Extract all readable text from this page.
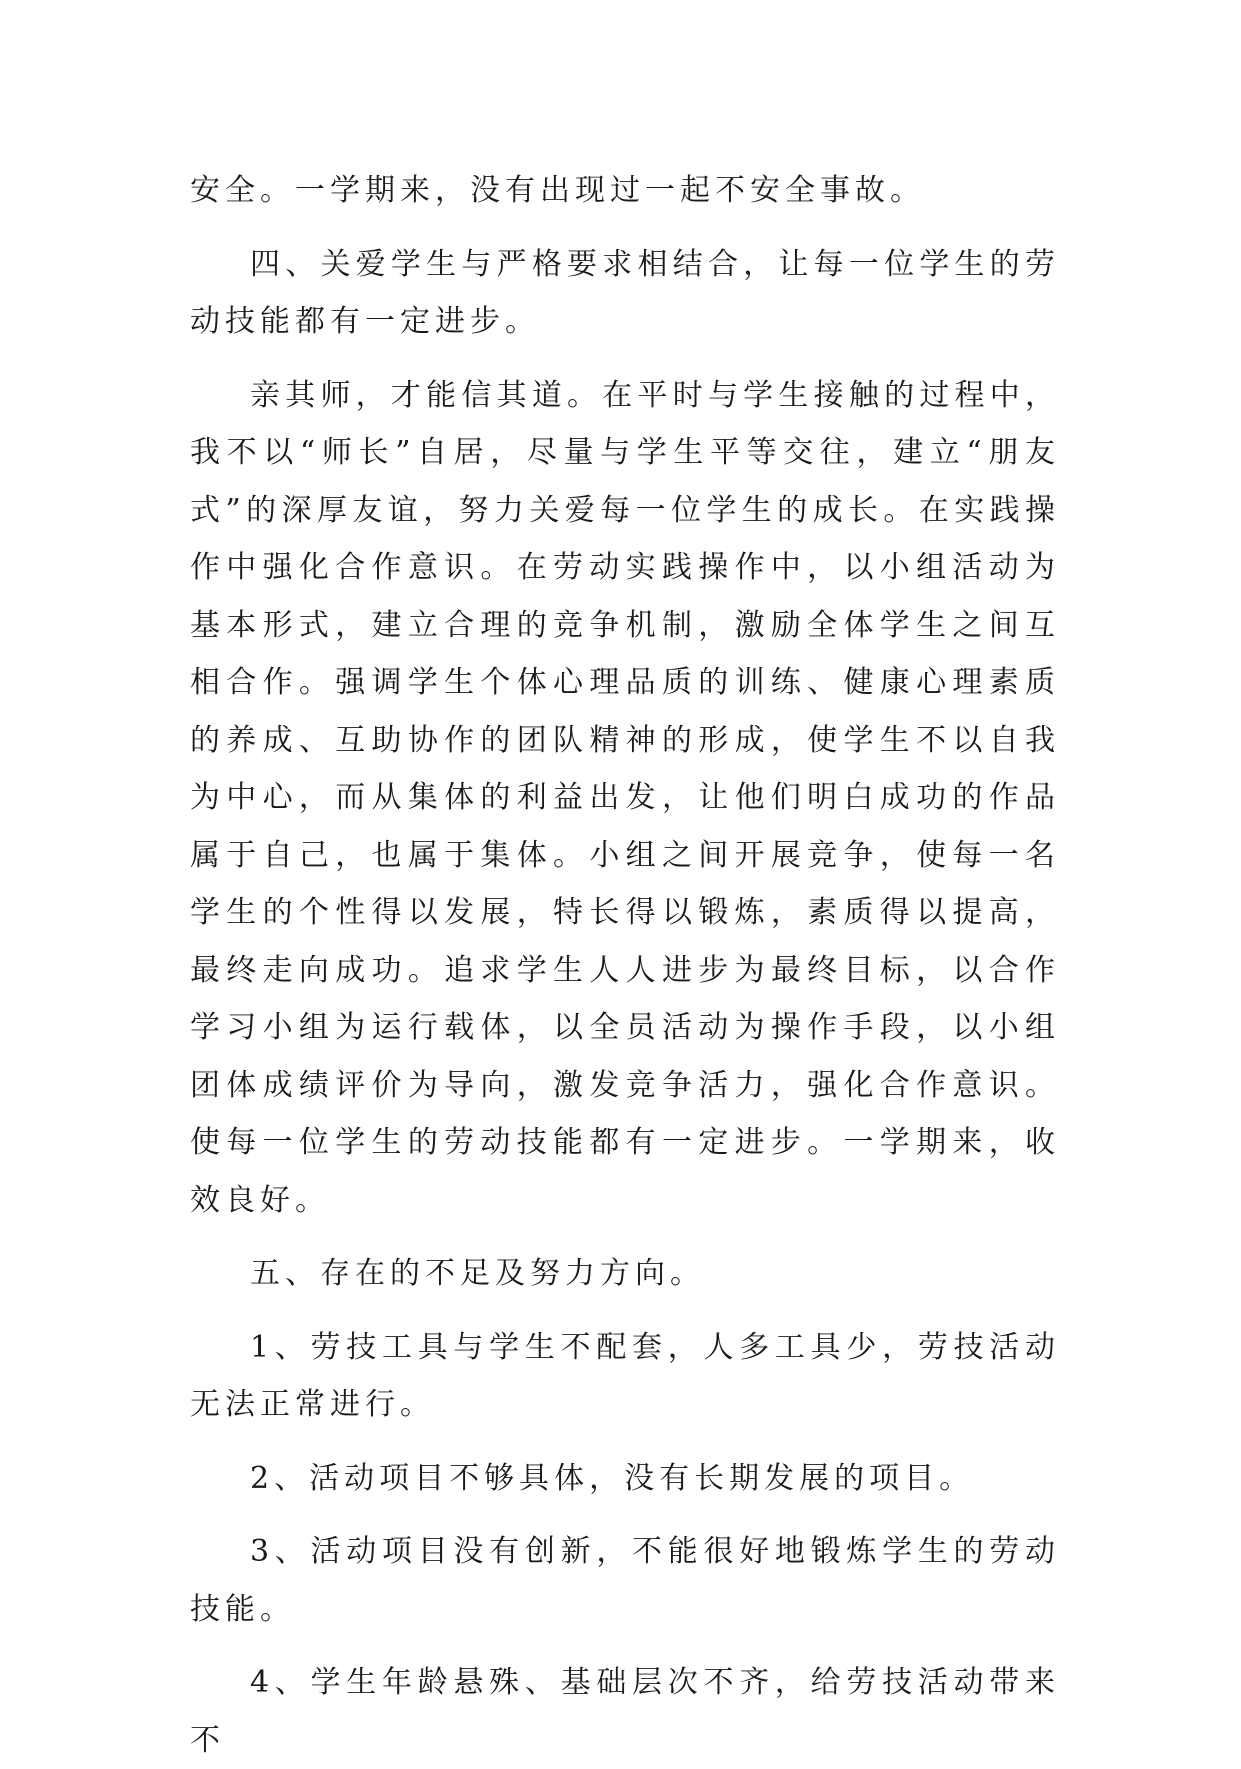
安全。一学期来，没有出现过一起不安全事故。

四、关爱学生与严格要求相结合，让每一位学生的劳动技能都有一定进步。

亲其师，才能信其道。在平时与学生接触的过程中，我不以“师长”自居，尽量与学生平等交往，建立“朋友式”的深厚友谊，努力关爱每一位学生的成长。在实践操作中强化合作意识。在劳动实践操作中，以小组活动为基本形式，建立合理的竞争机制，激励全体学生之间互相合作。强调学生个体心理品质的训练、健康心理素质的养成、互助协作的团队精神的形成，使学生不以自我为中心，而从集体的利益出发，让他们明白成功的作品属于自己，也属于集体。小组之间开展竞争，使每一名学生的个性得以发展，特长得以锻炼，素质得以提高，最终走向成功。追求学生人人进步为最终目标，以合作学习小组为运行载体，以全员活动为操作手段，以小组团体成绩评价为导向，激发竞争活力，强化合作意识。使每一位学生的劳动技能都有一定进步。一学期来，收效良好。

五、存在的不足及努力方向。

1、劳技工具与学生不配套，人多工具少，劳技活动无法正常进行。

2、活动项目不够具体，没有长期发展的项目。

3、活动项目没有创新，不能很好地锻炼学生的劳动技能。

4、学生年龄悬殊、基础层次不齐，给劳技活动带来不
